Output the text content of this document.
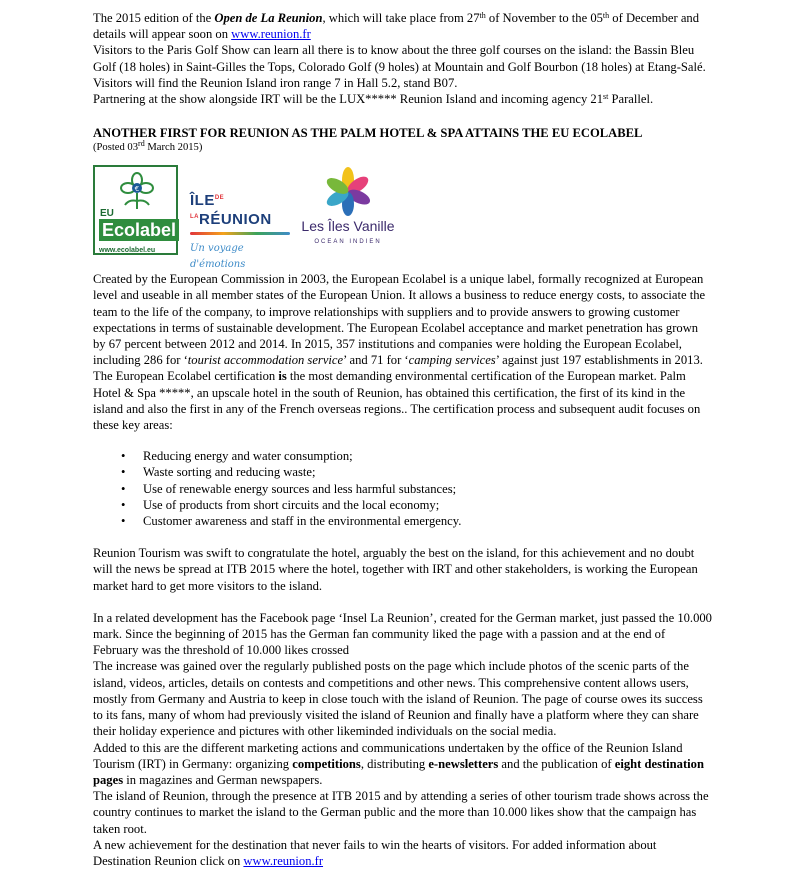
The 2015 edition of the Open de La Reunion, which will take place from 27th of November to the 05th of December and details will appear soon on www.reunion.fr

Visitors to the Paris Golf Show can learn all there is to know about the three golf courses on the island: the Bassin Bleu Golf (18 holes) in Saint-Gilles the Tops, Colorado Golf (9 holes) at Mountain and Golf Bourbon (18 holes) at Etang-Salé. Visitors will find the Reunion Island iron range 7 in Hall 5.2, stand B07.

Partnering at the show alongside IRT will be the LUX***** Reunion Island and incoming agency 21st Parallel.

ANOTHER FIRST FOR REUNION AS THE PALM HOTEL & SPA ATTAINS THE EU ECOLABEL

(Posted 03rd March 2015)

€
EU
Ecolabel
www.ecolabel.eu
$ÎLE^{DE LA}RÉUNION$
Un voyage d'émotions
Les Îles Vanille
OCEAN INDIEN

Created by the European Commission in 2003, the European Ecolabel is a unique label, formally recognized at European level and useable in all member states of the European Union. It allows a business to reduce energy costs, to associate the team to the life of the company, to improve relationships with suppliers and to provide answers to growing customer expectations in terms of sustainable development. The European Ecolabel acceptance and market penetration has grown by 67 percent between 2012 and 2014. In 2015, 357 institutions and companies were holding the European Ecolabel, including 286 for ‘tourist accommodation service’ and 71 for ‘camping services’ against just 197 establishments in 2013.

The European Ecolabel certification is the most demanding environmental certification of the European market. Palm Hotel & Spa *****, an upscale hotel in the south of Reunion, has obtained this certification, the first of its kind in the island and also the first in any of the French overseas regions.. The certification process and subsequent audit focuses on these key areas:

• Reducing energy and water consumption;
• Waste sorting and reducing waste;
• Use of renewable energy sources and less harmful substances;
• Use of products from short circuits and the local economy;
• Customer awareness and staff in the environmental emergency.

Reunion Tourism was swift to congratulate the hotel, arguably the best on the island, for this achievement and no doubt will the news be spread at ITB 2015 where the hotel, together with IRT and other stakeholders, is working the European market hard to get more visitors to the island.

In a related development has the Facebook page ‘Insel La Reunion’, created for the German market, just passed the 10.000 mark. Since the beginning of 2015 has the German fan community liked the page with a passion and at the end of February was the threshold of 10.000 likes crossed

The increase was gained over the regularly published posts on the page which include photos of the scenic parts of the island, videos, articles, details on contests and competitions and other news. This comprehensive content allows users, mostly from Germany and Austria to keep in close touch with the island of Reunion. The page of course owes its success to its fans, many of whom had previously visited the island of Reunion and finally have a platform where they can share their holiday experience and pictures with other likeminded individuals on the social media.

Added to this are the different marketing actions and communications undertaken by the office of the Reunion Island Tourism (IRT) in Germany: organizing competitions, distributing e-newsletters and the publication of eight destination pages in magazines and German newspapers.

The island of Reunion, through the presence at ITB 2015 and by attending a series of other tourism trade shows across the country continues to market the island to the German public and the more than 10.000 likes show that the campaign has taken root.

A new achievement for the destination that never fails to win the hearts of visitors. For added information about Destination Reunion click on www.reunion.fr
